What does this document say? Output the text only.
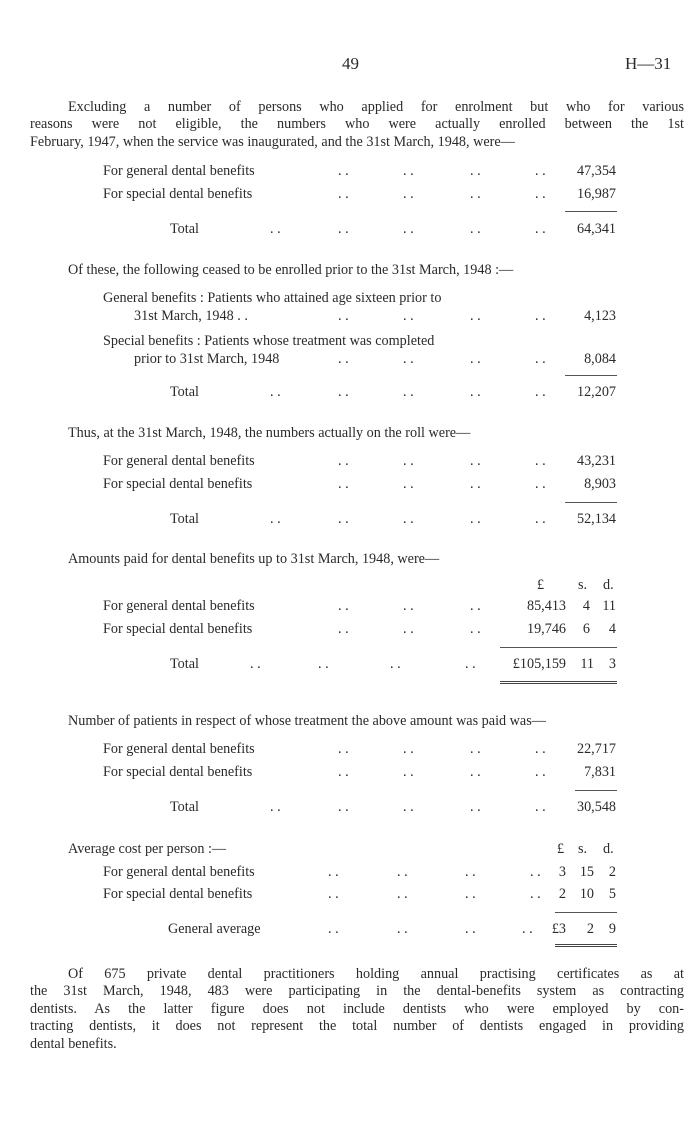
49	H—31
Excluding a number of persons who applied for enrolment but who for various
reasons were not eligible, the numbers who were actually enrolled between the 1st
February, 1947, when the service was inaugurated, and the 31st March, 1948, were—
For general dental benefits	. .	. .	. .	. . 47,354
For special dental benefits	. .	. .	. .	. . 16,987
Total	. .	. .	. .	. .	. . 64,341
Of these, the following ceased to be enrolled prior to the 31st March, 1948 :—
General benefits : Patients who attained age sixteen prior to
31st March, 1948 . .	. .	. .	. .	. .	4,123
Special benefits : Patients whose treatment was completed
prior to 31st March, 1948	. .	. .	. .	. .	8,084
Total	. .	. .	. .	. .	. . 12,207
Thus, at the 31st March, 1948, the numbers actually on the roll were—
For general dental benefits	. .	. .	. .	. . 43,231
For special dental benefits	. .	. .	. .	. .	8,903
Total	. .	. .	. .	. .	. . 52,134
Amounts paid for dental benefits up to 31st March, 1948, were—
£ s. d.
For general dental benefits	. .	. .	. .	85,413 4 11
For special dental benefits	. .	. .	. .	19,746 6 4
Total	. .	. .	. .	. .	£105,159 11 3
Number of patients in respect of whose treatment the above amount was paid was—
For general dental benefits	. .	. .	. .	. . 22,717
For special dental benefits	. .	. .	. .	. .	7,831
Total	. .	. .	. .	. .	. . 30,548
Average cost per person :—	£ s. d.
For general dental benefits	. .	. .	. .	. . 3 15 2
For special dental benefits	. .	. .	. .	. . 2 10 5
General average	. .	. .	. .	. . £3 2 9
Of 675 private dental practitioners holding annual practising certificates as at
the 31st March, 1948, 483 were participating in the dental-benefits system as contracting
dentists. As the latter figure does not include dentists who were employed by con-
tracting dentists, it does not represent the total number of dentists engaged in providing
dental benefits.
